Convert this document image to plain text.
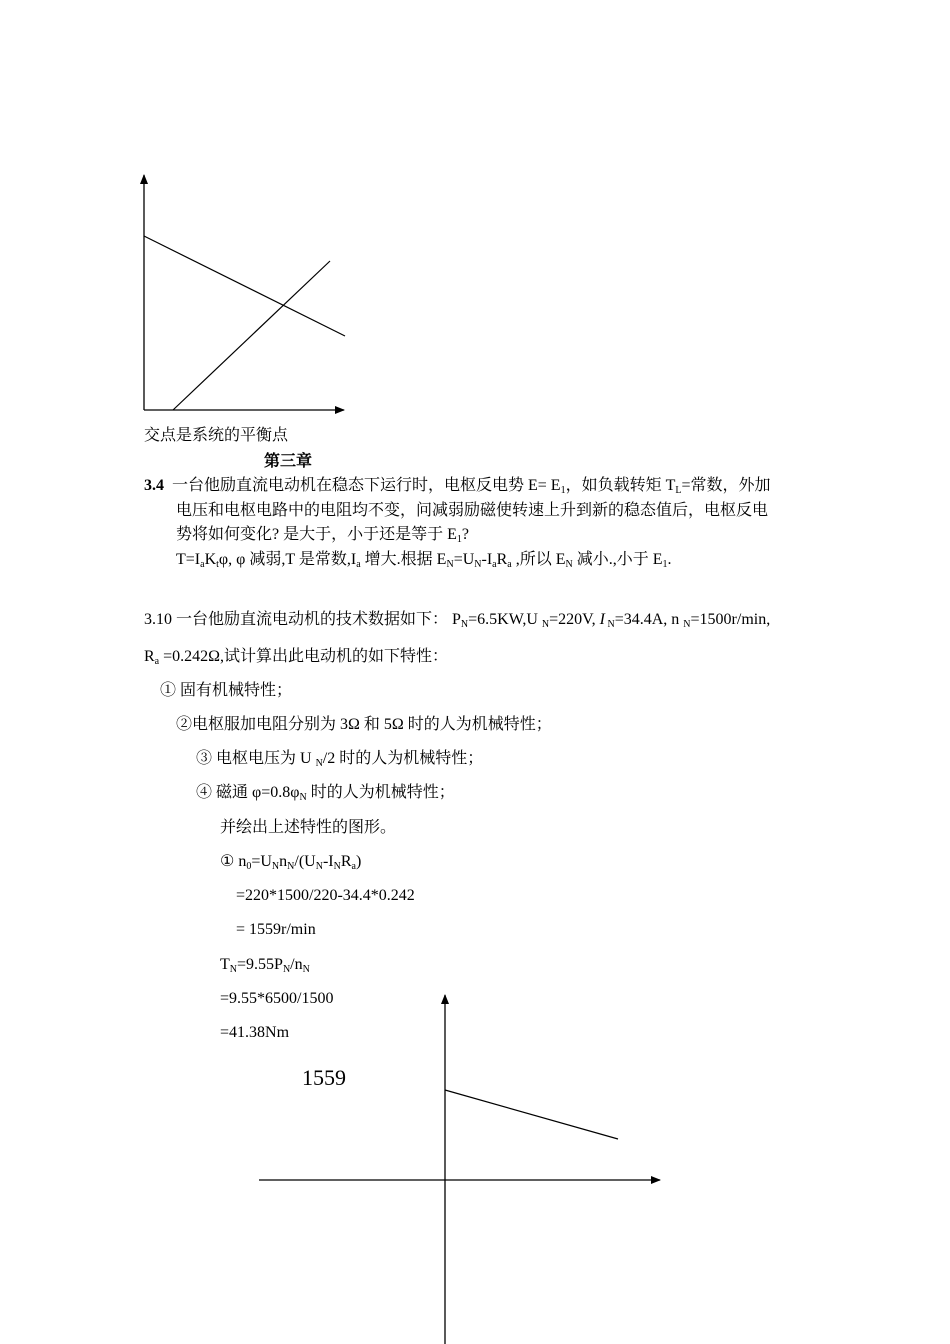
交点是系统的平衡点
第三章
3.4 一台他励直流电动机在稳态下运行时，电枢反电势 $E= E_1$，如负载转矩 $T_L=$常数，外加
电压和电枢电路中的电阻均不变，问减弱励磁使转速上升到新的稳态值后，电枢反电
势将如何变化? 是大于，小于还是等于 $E_1$?
$T=I_aK_t\varphi$, φ 减弱,T 是常数$,I_a$ 增大.根据 $E_N=U_N-I_aR_a$ ,所以 $E_N$ 减小.,小于 $E_1$.
3.10 一台他励直流电动机的技术数据如下： $P_N=6.5KW,U$ $_N$=220V, I $_N$=34.4A, n $_N$=1500r/min,
$R_a =0.242\Omega$,试计算出此电动机的如下特性：
① 固有机械特性；
②电枢服加电阻分别为 3Ω 和 5Ω 时的人为机械特性；
③ 电枢电压为 U $_N$/2 时的人为机械特性；
④ 磁通 $\varphi=0.8\varphi_N$ 时的人为机械特性；
并绘出上述特性的图形。
① $n_0=U_Nn_N/(U_N-I_NR_a)$
=220*1500/220-34.4*0.242
= 1559r/min
$T_N=9.55P_N/n_N$
=9.55*6500/1500
=41.38Nm
1559
